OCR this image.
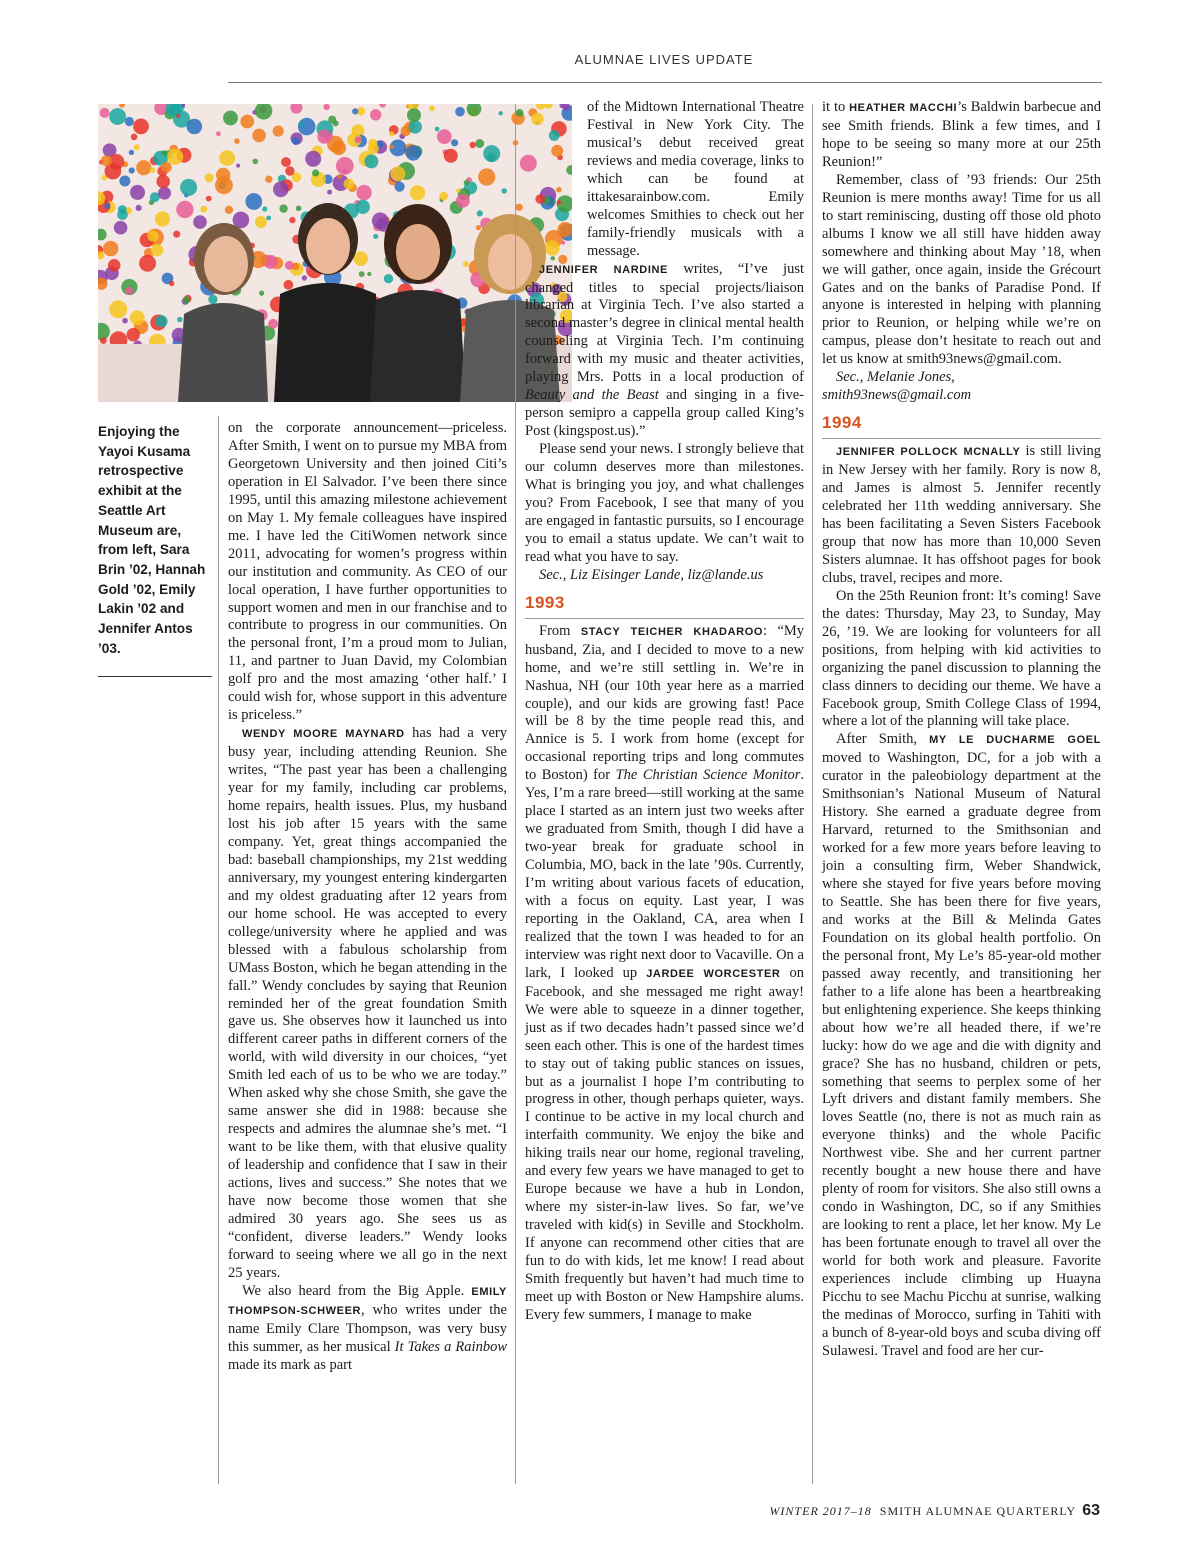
ALUMNAE LIVES UPDATE
Enjoying the Yayoi Kusama retrospective exhibit at the Seattle Art Museum are, from left, Sara Brin ’02, Hannah Gold ’02, Emily Lakin ’02 and Jennifer Antos ’03.

on the corporate announcement—priceless. After Smith, I went on to pursue my MBA from Georgetown University and then joined Citi’s operation in El Salvador. I’ve been there since 1995, until this amazing milestone achievement on May 1. My female colleagues have inspired me. I have led the CitiWomen network since 2011, advocating for women’s progress within our institution and community. As CEO of our local operation, I have further opportunities to support women and men in our franchise and to contribute to progress in our communities. On the personal front, I’m a proud mom to Julian, 11, and partner to Juan David, my Colombian golf pro and the most amazing ‘other half.’ I could wish for, whose support in this adventure is priceless.”

WENDY MOORE MAYNARD has had a very busy year, including attending Reunion. She writes, “The past year has been a challenging year for my family, including car problems, home repairs, health issues. Plus, my husband lost his job after 15 years with the same company. Yet, great things accompanied the bad: baseball championships, my 21st wedding anniversary, my youngest entering kindergarten and my oldest graduating after 12 years from our home school. He was accepted to every college/university where he applied and was blessed with a fabulous scholarship from UMass Boston, which he began attending in the fall.” Wendy concludes by saying that Reunion reminded her of the great foundation Smith gave us. She observes how it launched us into different career paths in different corners of the world, with wild diversity in our choices, “yet Smith led each of us to be who we are today.” When asked why she chose Smith, she gave the same answer she did in 1988: because she respects and admires the alumnae she’s met. “I want to be like them, with that elusive quality of leadership and confidence that I saw in their actions, lives and success.” She notes that we have now become those women that she admired 30 years ago. She sees us as “confident, diverse leaders.” Wendy looks forward to seeing where we all go in the next 25 years.

We also heard from the Big Apple. EMILY THOMPSON-SCHWEER, who writes under the name Emily Clare Thompson, was very busy this summer, as her musical It Takes a Rainbow made its mark as part

of the Midtown International Theatre Festival in New York City. The musical’s debut received great reviews and media coverage, links to which can be found at ittakesarainbow.com. Emily welcomes Smithies to check out her family-friendly musicals with a message.

JENNIFER NARDINE writes, “I’ve just changed titles to special projects/liaison librarian at Virginia Tech. I’ve also started a second master’s degree in clinical mental health counseling at Virginia Tech. I’m continuing forward with my music and theater activities, playing Mrs. Potts in a local production of Beauty and the Beast and singing in a five-person semipro a cappella group called King’s Post (kingspost.us).”

Please send your news. I strongly believe that our column deserves more than milestones. What is bringing you joy, and what challenges you? From Facebook, I see that many of you are engaged in fantastic pursuits, so I encourage you to email a status update. We can’t wait to read what you have to say.

Sec., Liz Eisinger Lande, liz@lande.us

1993

From STACY TEICHER KHADAROO: “My husband, Zia, and I decided to move to a new home, and we’re still settling in. We’re in Nashua, NH (our 10th year here as a married couple), and our kids are growing fast! Pace will be 8 by the time people read this, and Annice is 5. I work from home (except for occasional reporting trips and long commutes to Boston) for The Christian Science Monitor. Yes, I’m a rare breed—still working at the same place I started as an intern just two weeks after we graduated from Smith, though I did have a two-year break for graduate school in Columbia, MO, back in the late ’90s. Currently, I’m writing about various facets of education, with a focus on equity. Last year, I was reporting in the Oakland, CA, area when I realized that the town I was headed to for an interview was right next door to Vacaville. On a lark, I looked up JARDEE WORCESTER on Facebook, and she messaged me right away! We were able to squeeze in a dinner together, just as if two decades hadn’t passed since we’d seen each other. This is one of the hardest times to stay out of taking public stances on issues, but as a journalist I hope I’m contributing to progress in other, though perhaps quieter, ways. I continue to be active in my local church and interfaith community. We enjoy the bike and hiking trails near our home, regional traveling, and every few years we have managed to get to Europe because we have a hub in London, where my sister-in-law lives. So far, we’ve traveled with kid(s) in Seville and Stockholm. If anyone can recommend other cities that are fun to do with kids, let me know! I read about Smith frequently but haven’t had much time to meet up with Boston or New Hampshire alums. Every few summers, I manage to make

it to HEATHER MACCHI’s Baldwin barbecue and see Smith friends. Blink a few times, and I hope to be seeing so many more at our 25th Reunion!”

Remember, class of ’93 friends: Our 25th Reunion is mere months away! Time for us all to start reminiscing, dusting off those old photo albums I know we all still have hidden away somewhere and thinking about May ’18, when we will gather, once again, inside the Grécourt Gates and on the banks of Paradise Pond. If anyone is interested in helping with planning prior to Reunion, or helping while we’re on campus, please don’t hesitate to reach out and let us know at smith93news@gmail.com.

Sec., Melanie Jones,

smith93news@gmail.com

1994

JENNIFER POLLOCK MCNALLY is still living in New Jersey with her family. Rory is now 8, and James is almost 5. Jennifer recently celebrated her 11th wedding anniversary. She has been facilitating a Seven Sisters Facebook group that now has more than 10,000 Seven Sisters alumnae. It has offshoot pages for book clubs, travel, recipes and more.

On the 25th Reunion front: It’s coming! Save the dates: Thursday, May 23, to Sunday, May 26, ’19. We are looking for volunteers for all positions, from helping with kid activities to organizing the panel discussion to planning the class dinners to deciding our theme. We have a Facebook group, Smith College Class of 1994, where a lot of the planning will take place.

After Smith, MY LE DUCHARME GOEL moved to Washington, DC, for a job with a curator in the paleobiology department at the Smithsonian’s National Museum of Natural History. She earned a graduate degree from Harvard, returned to the Smithsonian and worked for a few more years before leaving to join a consulting firm, Weber Shandwick, where she stayed for five years before moving to Seattle. She has been there for five years, and works at the Bill & Melinda Gates Foundation on its global health portfolio. On the personal front, My Le’s 85-year-old mother passed away recently, and transitioning her father to a life alone has been a heartbreaking but enlightening experience. She keeps thinking about how we’re all headed there, if we’re lucky: how do we age and die with dignity and grace? She has no husband, children or pets, something that seems to perplex some of her Lyft drivers and distant family members. She loves Seattle (no, there is not as much rain as everyone thinks) and the whole Pacific Northwest vibe. She and her current partner recently bought a new house there and have plenty of room for visitors. She also still owns a condo in Washington, DC, so if any Smithies are looking to rent a place, let her know. My Le has been fortunate enough to travel all over the world for both work and pleasure. Favorite experiences include climbing up Huayna Picchu to see Machu Picchu at sunrise, walking the medinas of Morocco, surfing in Tahiti with a bunch of 8-year-old boys and scuba diving off Sulawesi. Travel and food are her cur-

WINTER 2017–18 SMITH ALUMNAE QUARTERLY 63
